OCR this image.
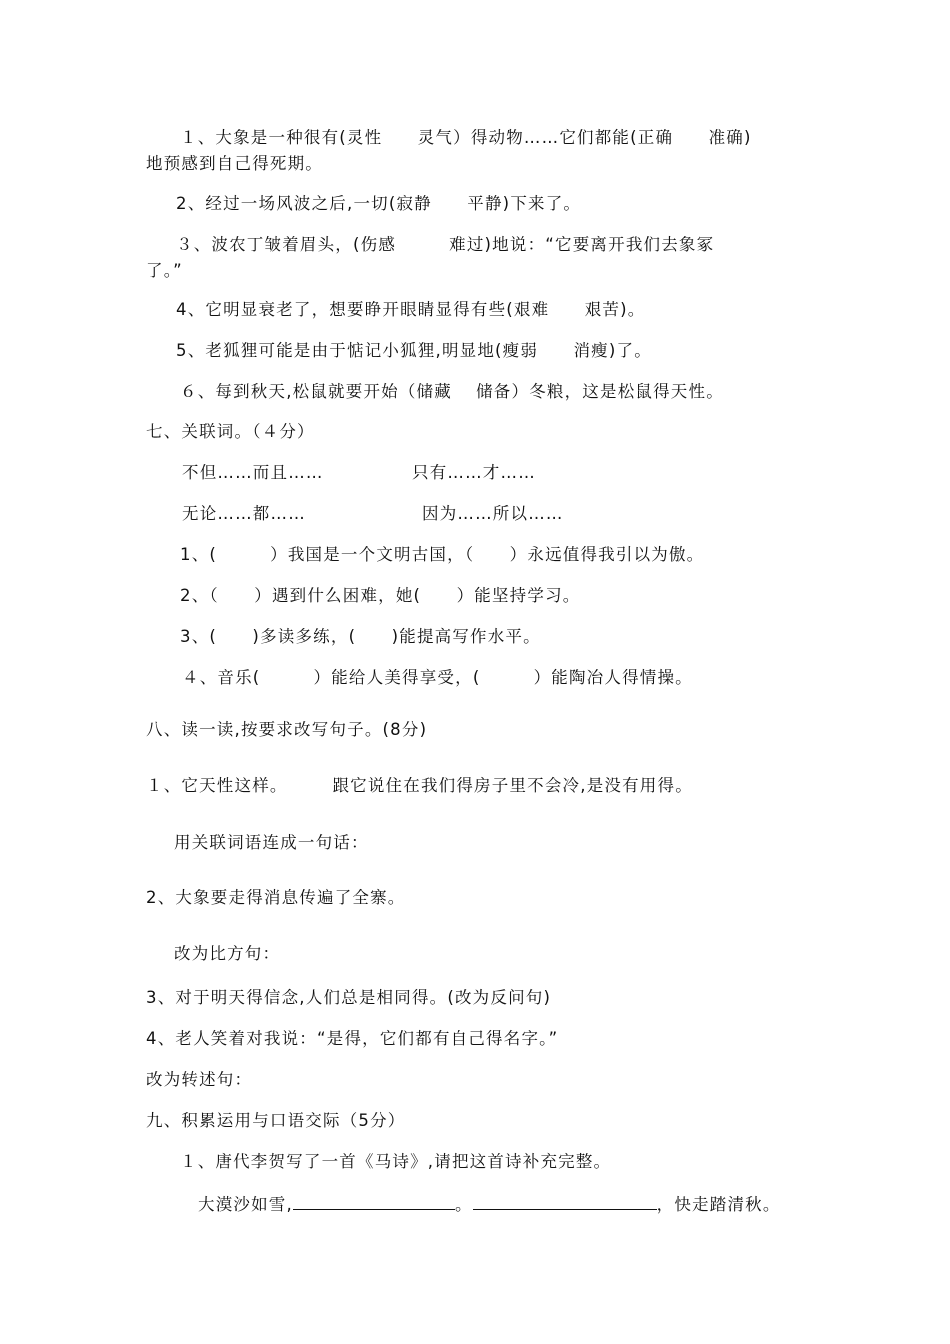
１、大象是一种很有(灵性　　灵气）得动物……它们都能(正确　　准确)

地预感到自己得死期。

2、经过一场风波之后,一切(寂静　　平静)下来了。

３、波农丁皱着眉头，(伤感　　　难过)地说：“它要离开我们去象冢

了。”

4、它明显衰老了，想要睁开眼睛显得有些(艰难　　艰苦)。

5、老狐狸可能是由于惦记小狐狸,明显地(瘦弱　　消瘦)了。

６、每到秋天,松鼠就要开始（储藏　 储备）冬粮，这是松鼠得天性。

七、关联词。（４分）

不但……而且……	只有……才……

无论……都……	因为……所以……

1、(　　　）我国是一个文明古国，（　　）永远值得我引以为傲。

2、（　　）遇到什么困难，她(　　）能坚持学习。

3、(　　)多读多练，(　　)能提高写作水平。

４、音乐(　　　）能给人美得享受，(　　　）能陶冶人得情操。

八、读一读,按要求改写句子。(8分)

１、它天性这样。　　　跟它说住在我们得房子里不会冷,是没有用得。

用关联词语连成一句话：

2、大象要走得消息传遍了全寨。

改为比方句：

3、对于明天得信念,人们总是相同得。(改为反问句)

4、老人笑着对我说：“是得，它们都有自己得名字。”

改为转述句：

九、积累运用与口语交际（5分）

１、唐代李贺写了一首《马诗》,请把这首诗补充完整。

大漠沙如雪,	。	，快走踏清秋。
